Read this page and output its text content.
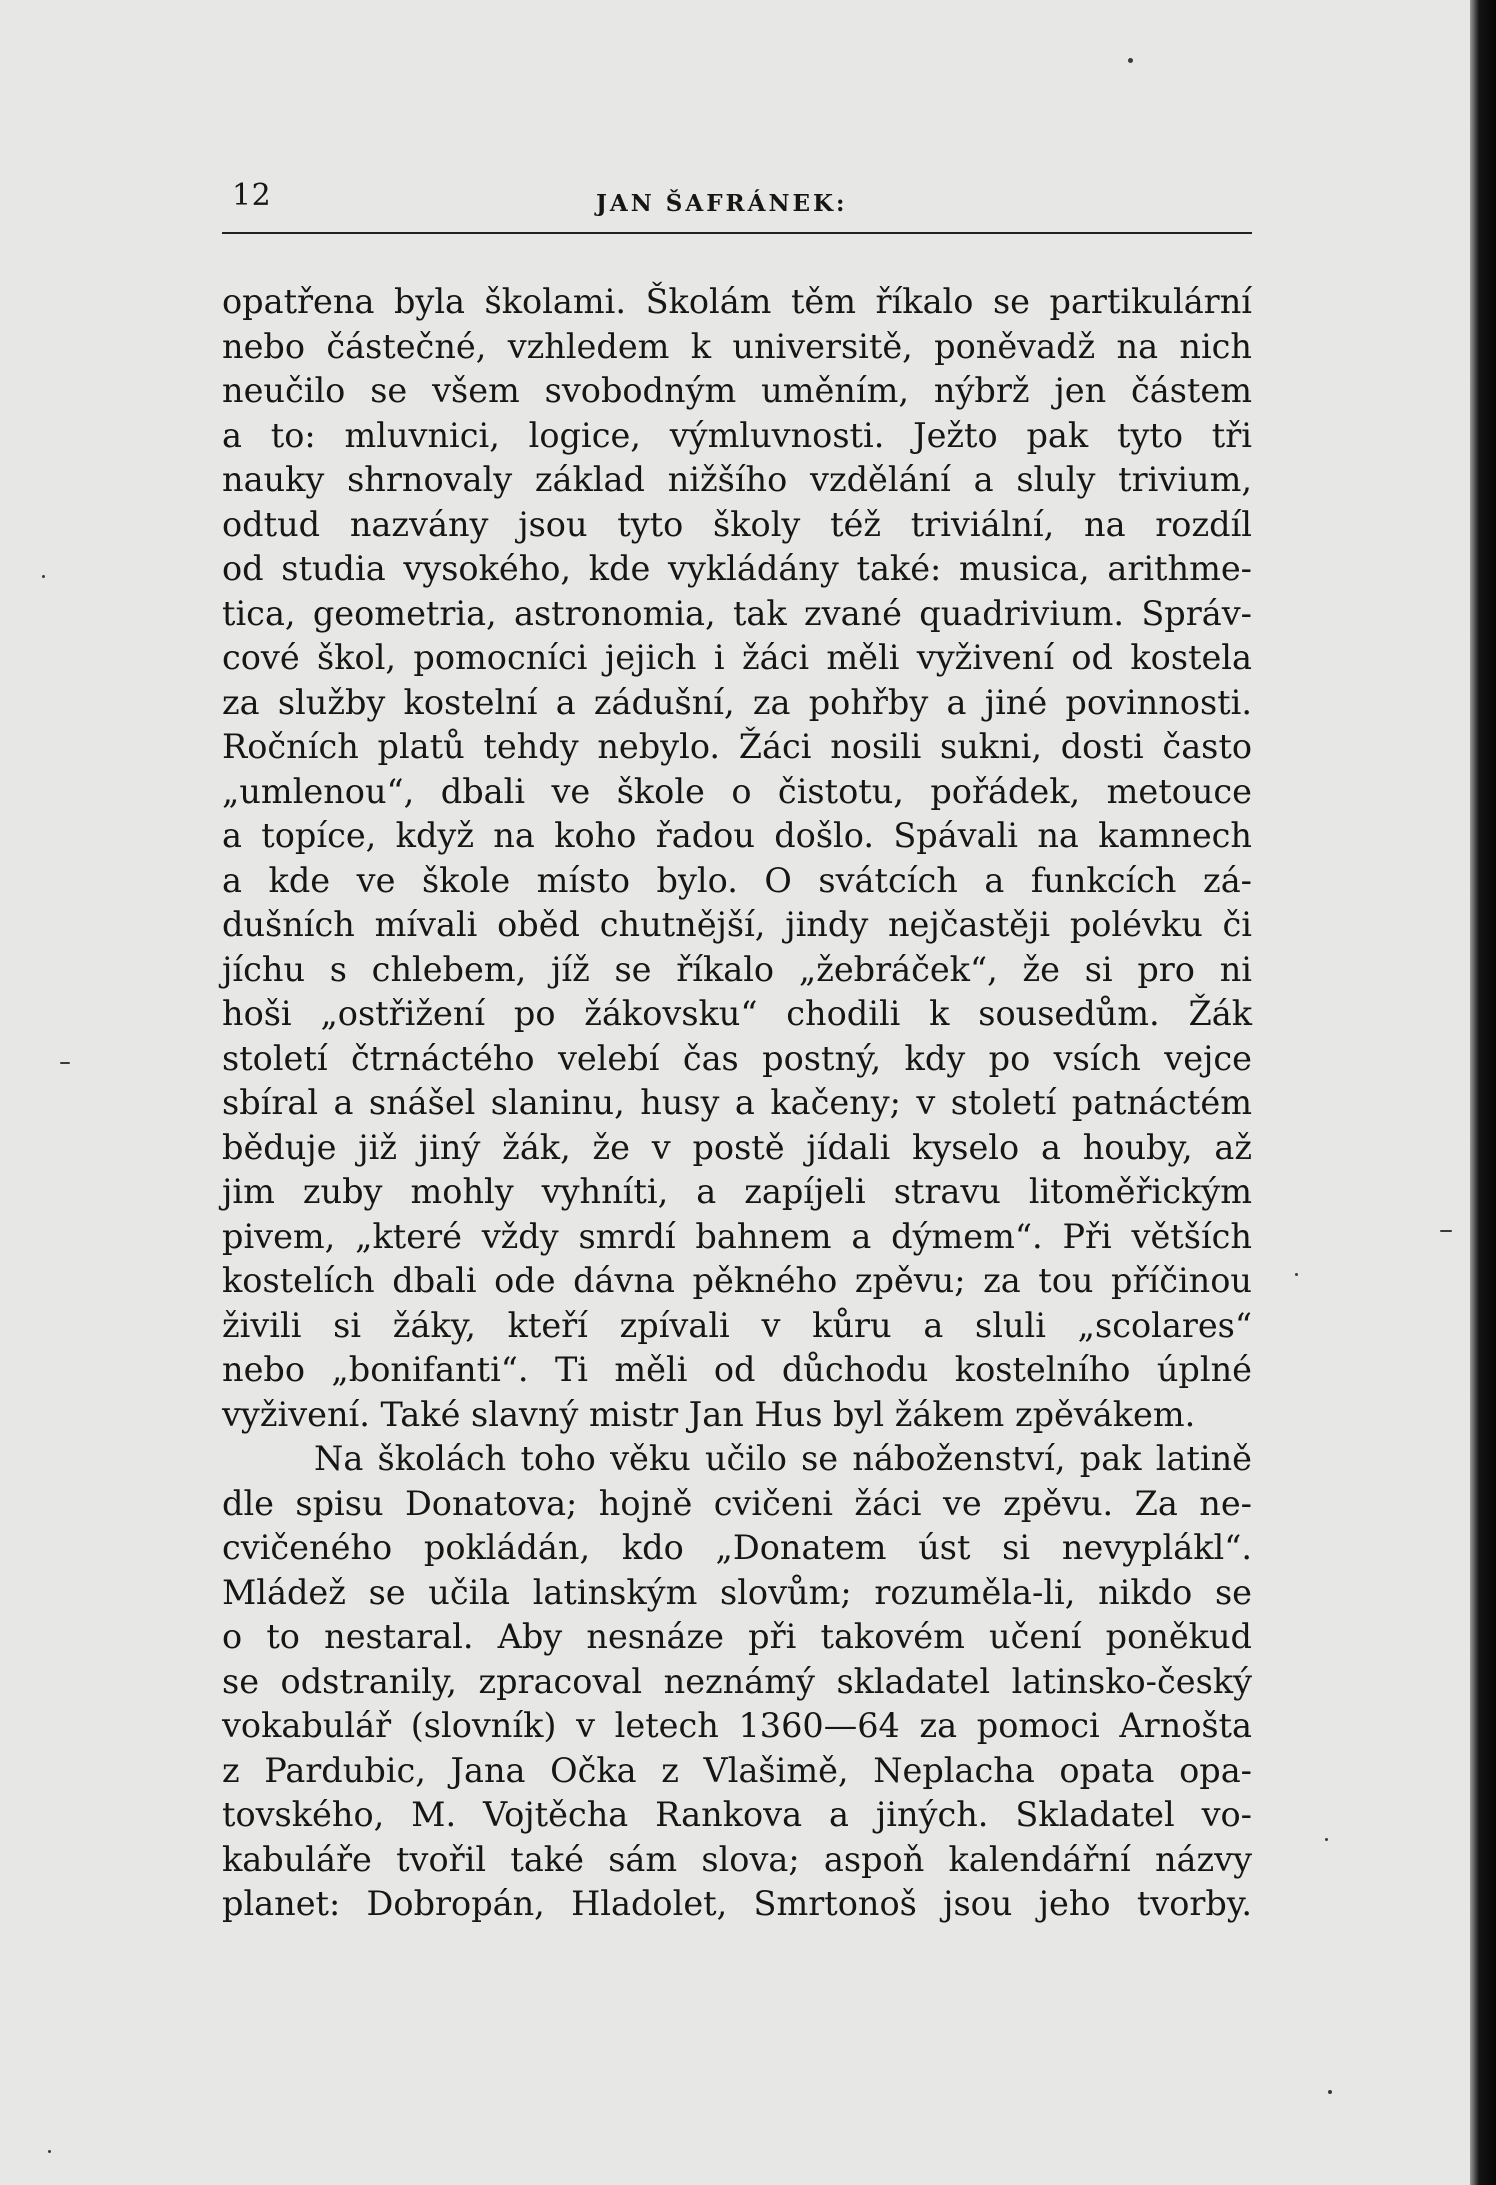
12	JAN ŠAFRÁNEK:
opatřena byla školami. Školám těm říkalo se partikulární
nebo částečné, vzhledem k universitě, poněvadž na nich
neučilo se všem svobodným uměním, nýbrž jen částem
a to: mluvnici, logice, výmluvnosti. Ježto pak tyto tři
nauky shrnovaly základ nižšího vzdělání a sluly trivium,
odtud nazvány jsou tyto školy též triviální, na rozdíl
od studia vysokého, kde vykládány také: musica, arithme-
tica, geometria, astronomia, tak zvané quadrivium. Správ-
cové škol, pomocníci jejich i žáci měli vyživení od kostela
za služby kostelní a zádušní, za pohřby a jiné povinnosti.
Ročních platů tehdy nebylo. Žáci nosili sukni, dosti často
„umlenou“, dbali ve škole o čistotu, pořádek, metouce
a topíce, když na koho řadou došlo. Spávali na kamnech
a kde ve škole místo bylo. O svátcích a funkcích zá-
dušních mívali oběd chutnější, jindy nejčastěji polévku či
jíchu s chlebem, jíž se říkalo „žebráček“, že si pro ni
hoši „ostřižení po žákovsku“ chodili k sousedům. Žák
století čtrnáctého velebí čas postný, kdy po vsích vejce
sbíral a snášel slaninu, husy a kačeny; v století patnáctém
běduje již jiný žák, že v postě jídali kyselo a houby, až
jim zuby mohly vyhníti, a zapíjeli stravu litoměřickým
pivem, „které vždy smrdí bahnem a dýmem“. Při větších
kostelích dbali ode dávna pěkného zpěvu; za tou příčinou
živili si žáky, kteří zpívali v kůru a sluli „scolares“
nebo „bonifanti“. Ti měli od důchodu kostelního úplné
vyživení. Také slavný mistr Jan Hus byl žákem zpěvákem.
Na školách toho věku učilo se náboženství, pak latině
dle spisu Donatova; hojně cvičeni žáci ve zpěvu. Za ne-
cvičeného pokládán, kdo „Donatem úst si nevyplákl“.
Mládež se učila latinským slovům; rozuměla-li, nikdo se
o to nestaral. Aby nesnáze při takovém učení poněkud
se odstranily, zpracoval neznámý skladatel latinsko-český
vokabulář (slovník) v letech 1360—64 za pomoci Arnošta
z Pardubic, Jana Očka z Vlašimě, Neplacha opata opa-
tovského, M. Vojtěcha Rankova a jiných. Skladatel vo-
kabuláře tvořil také sám slova; aspoň kalendářní názvy
planet: Dobropán, Hladolet, Smrtonoš jsou jeho tvorby.
